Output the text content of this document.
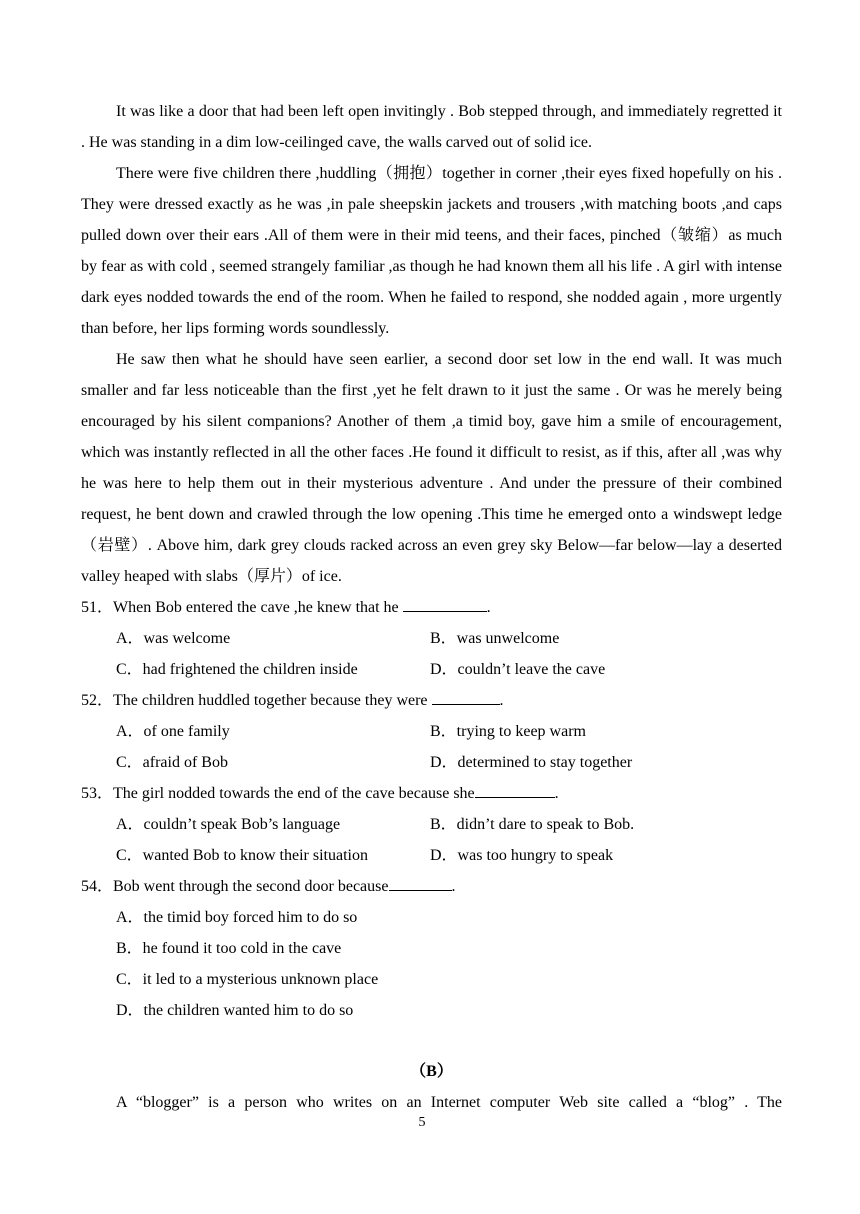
It was like a door that had been left open invitingly . Bob stepped through, and immediately regretted it . He was standing in a dim low-ceilinged cave, the walls carved out of solid ice.

There were five children there ,huddling（拥抱）together in corner ,their eyes fixed hopefully on his . They were dressed exactly as he was ,in pale sheepskin jackets and trousers ,with matching boots ,and caps pulled down over their ears .All of them were in their mid teens, and their faces, pinched（皱缩）as much by fear as with cold , seemed strangely familiar ,as though he had known them all his life . A girl with intense dark eyes nodded towards the end of the room. When he failed to respond, she nodded again , more urgently than before, her lips forming words soundlessly.

He saw then what he should have seen earlier, a second door set low in the end wall. It was much smaller and far less noticeable than the first ,yet he felt drawn to it just the same . Or was he merely being encouraged by his silent companions? Another of them ,a timid boy, gave him a smile of encouragement, which was instantly reflected in all the other faces .He found it difficult to resist, as if this, after all ,was why he was here to help them out in their mysterious adventure . And under the pressure of their combined request, he bent down and crawled through the low opening .This time he emerged onto a windswept ledge（岩壁）. Above him, dark grey clouds racked across an even grey sky Below—far below—lay a deserted valley heaped with slabs（厚片）of ice.

51．When Bob entered the cave ,he knew that he	.

A．was welcome	B．was unwelcome
C．had frightened the children inside	D．couldn’t leave the cave

52．The children huddled together because they were	.

A．of one family	B．trying to keep warm
C．afraid of Bob	D．determined to stay together

53．The girl nodded towards the end of the cave because she	.

A．couldn’t speak Bob’s language	B．didn’t dare to speak to Bob.
C．wanted Bob to know their situation	D．was too hungry to speak

54．Bob went through the second door because	.

A．the timid boy forced him to do so
B．he found it too cold in the cave
C．it led to a mysterious unknown place
D．the children wanted him to do so
（B）

A “blogger” is a person who writes on an Internet computer Web site called a “blog” . The

5
